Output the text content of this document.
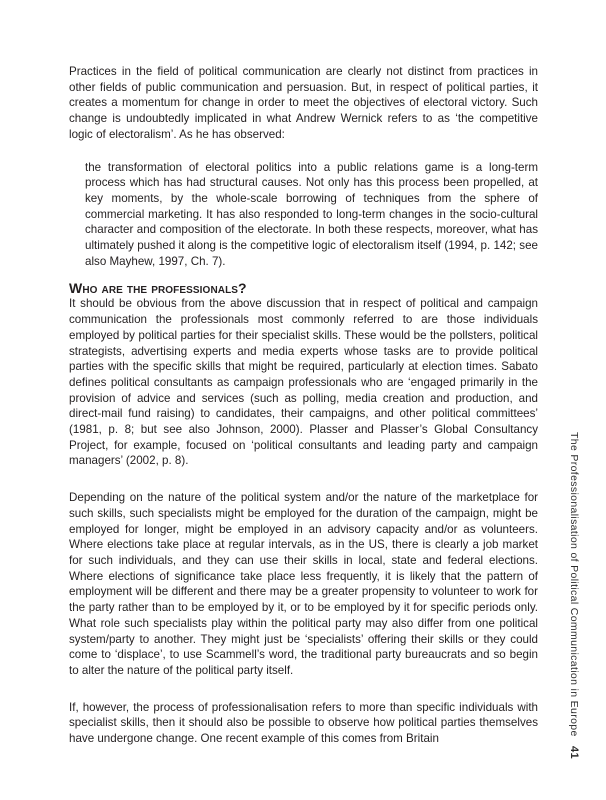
Practices in the field of political communication are clearly not distinct from practices in other fields of public communication and persuasion. But, in respect of political parties, it creates a momentum for change in order to meet the objectives of electoral victory. Such change is undoubtedly implicated in what Andrew Wernick refers to as ‘the competitive logic of electoralism’. As he has observed:

the transformation of electoral politics into a public relations game is a long-term process which has had structural causes. Not only has this process been propelled, at key moments, by the whole-scale borrowing of techniques from the sphere of commercial marketing. It has also responded to long-term changes in the socio-cultural character and composition of the electorate. In both these respects, moreover, what has ultimately pushed it along is the competitive logic of electoralism itself (1994, p. 142; see also Mayhew, 1997, Ch. 7).

Who are the professionals?

It should be obvious from the above discussion that in respect of political and campaign communication the professionals most commonly referred to are those individuals employed by political parties for their specialist skills. These would be the pollsters, political strategists, advertising experts and media experts whose tasks are to provide political parties with the specific skills that might be required, particularly at election times. Sabato defines political consultants as campaign professionals who are ‘engaged primarily in the provision of advice and services (such as polling, media creation and production, and direct-mail fund raising) to candidates, their campaigns, and other political committees’ (1981, p. 8; but see also Johnson, 2000). Plasser and Plasser’s Global Consultancy Project, for example, focused on ‘political consultants and leading party and campaign managers’ (2002, p. 8).

Depending on the nature of the political system and/or the nature of the marketplace for such skills, such specialists might be employed for the duration of the campaign, might be employed for longer, might be employed in an advisory capacity and/or as volunteers. Where elections take place at regular intervals, as in the US, there is clearly a job market for such individuals, and they can use their skills in local, state and federal elections. Where elections of significance take place less frequently, it is likely that the pattern of employment will be different and there may be a greater propensity to volunteer to work for the party rather than to be employed by it, or to be employed by it for specific periods only. What role such specialists play within the political party may also differ from one political system/party to another. They might just be ‘specialists’ offering their skills or they could come to ‘displace’, to use Scammell’s word, the traditional party bureaucrats and so begin to alter the nature of the political party itself.

If, however, the process of professionalisation refers to more than specific individuals with specialist skills, then it should also be possible to observe how political parties themselves have undergone change. One recent example of this comes from Britain

The Professionalisation of Political Communication in Europe41
